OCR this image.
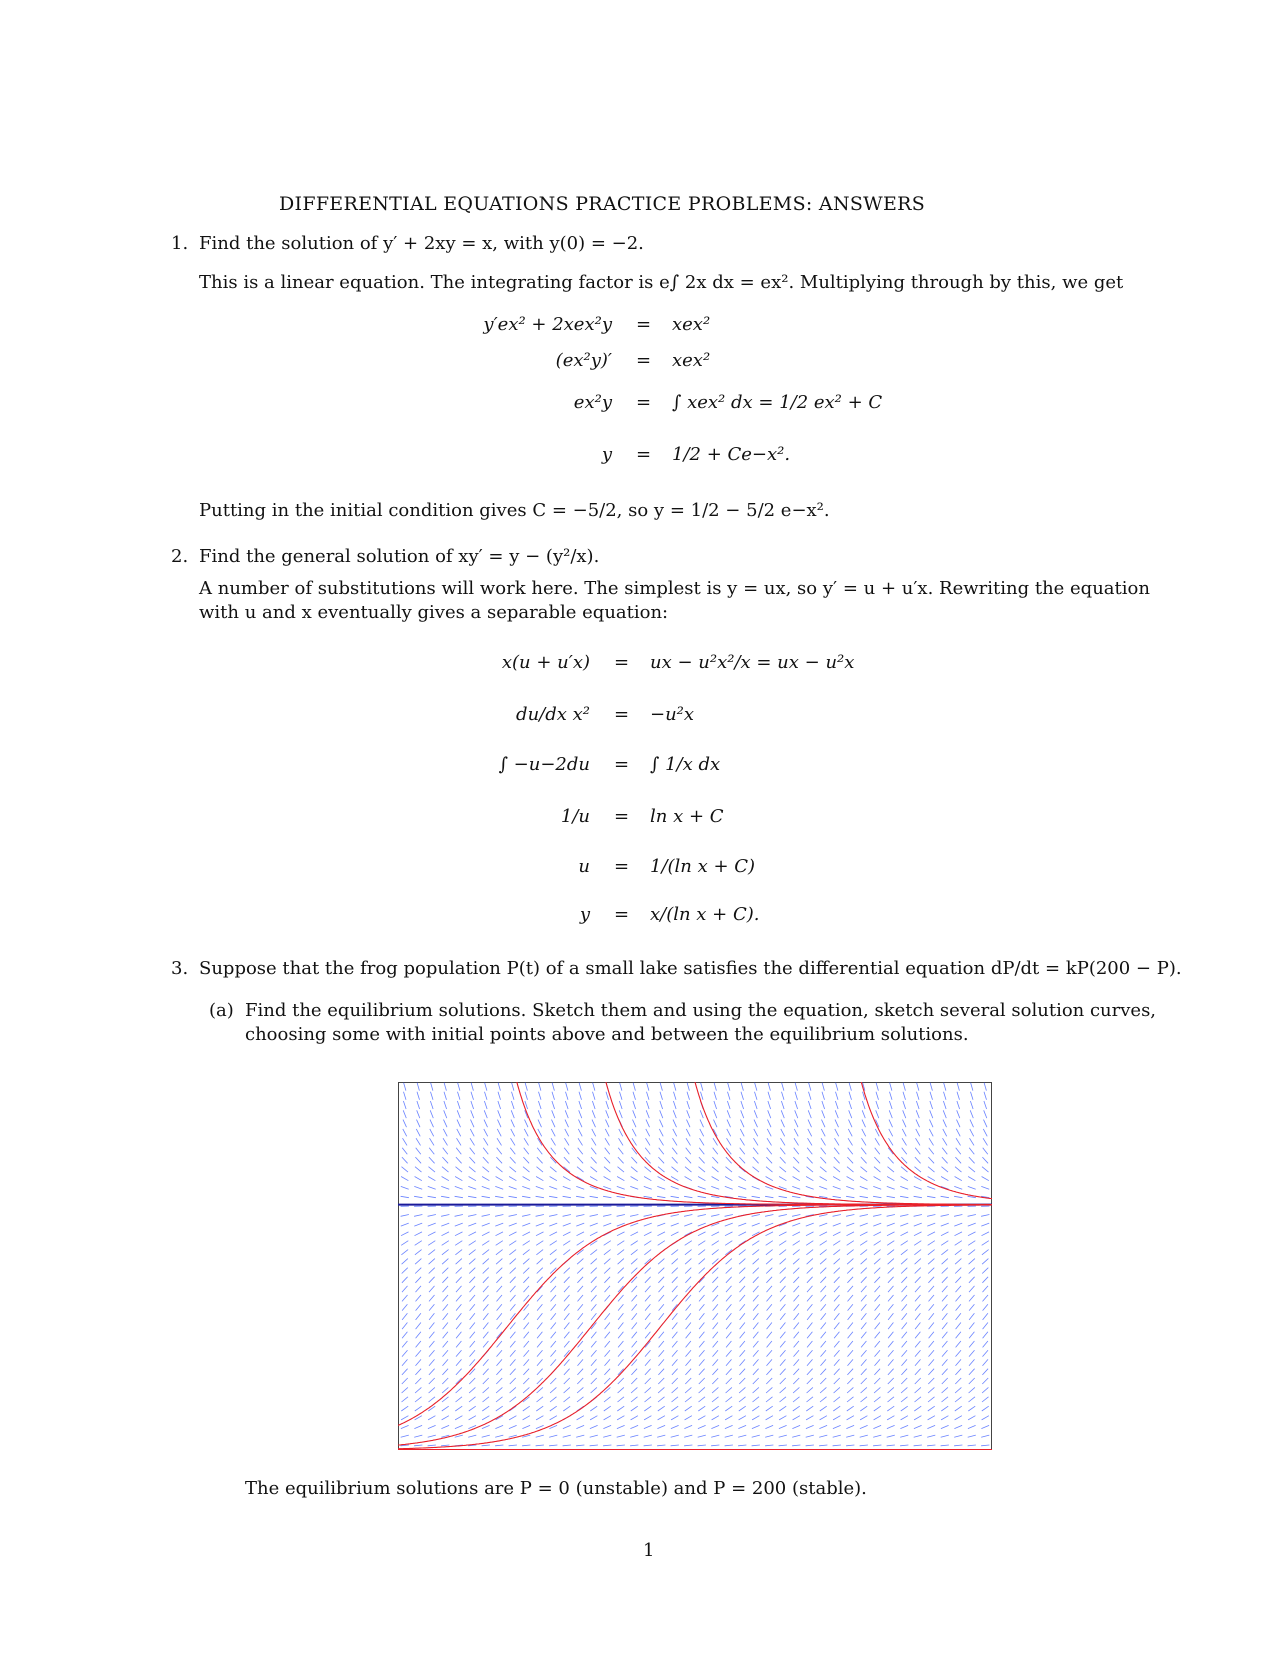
DIFFERENTIAL EQUATIONS PRACTICE PROBLEMS: ANSWERS
1. Find the solution of y′ + 2xy = x, with y(0) = −2.
This is a linear equation. The integrating factor is e∫ 2x dx = ex². Multiplying through by this, we get
y′ex² + 2xex²y = xex²
(ex²y)′ = xex²
ex²y = ∫ xex² dx = 1/2 ex² + C
y = 1/2 + Ce−x².
Putting in the initial condition gives C = −5/2, so y = 1/2 − 5/2 e−x².
2. Find the general solution of xy′ = y − (y²/x).
A number of substitutions will work here. The simplest is y = ux, so y′ = u + u′x. Rewriting the equation
with u and x eventually gives a separable equation:
x(u + u′x) = ux − u²x²/x = ux − u²x
du/dx x² = −u²x
∫ −u−2du = ∫ 1/x dx
1/u = ln x + C
u = 1/(ln x + C)
y = x/(ln x + C).
3. Suppose that the frog population P(t) of a small lake satisfies the differential equation dP/dt = kP(200 − P).
(a) Find the equilibrium solutions. Sketch them and using the equation, sketch several solution curves,
choosing some with initial points above and between the equilibrium solutions.
The equilibrium solutions are P = 0 (unstable) and P = 200 (stable).
1
